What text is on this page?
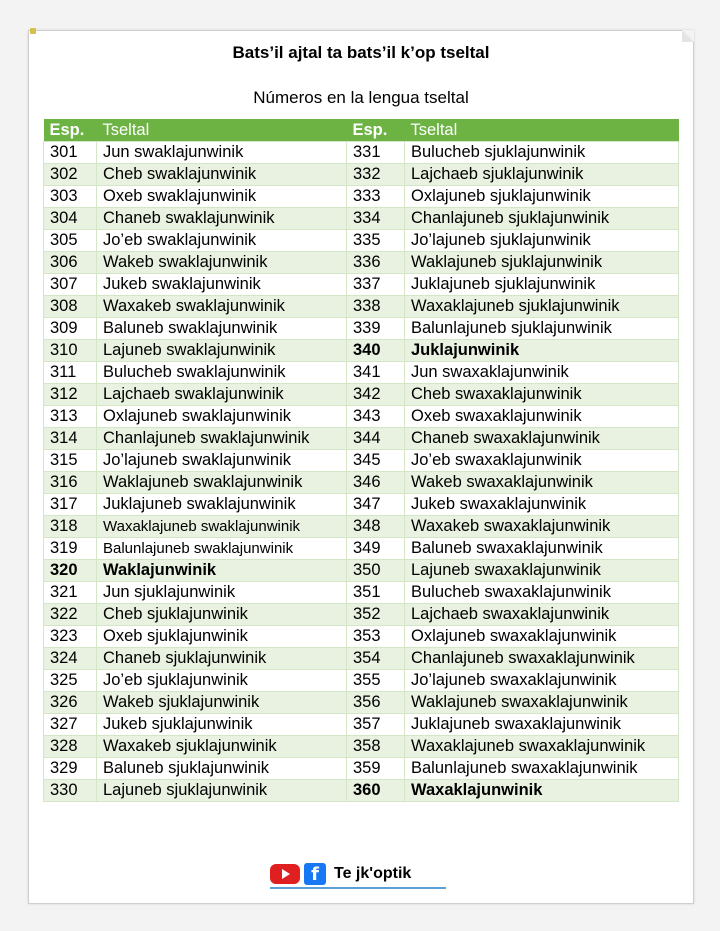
Bats’il ajtal ta bats’il k’op tseltal
Números en la lengua tseltal
Esp.	Tseltal	Esp.	Tseltal
301	Jun swaklajunwinik	331	Bulucheb sjuklajunwinik
302	Cheb swaklajunwinik	332	Lajchaeb sjuklajunwinik
303	Oxeb swaklajunwinik	333	Oxlajuneb sjuklajunwinik
304	Chaneb swaklajunwinik	334	Chanlajuneb sjuklajunwinik
305	Jo’eb swaklajunwinik	335	Jo’lajuneb sjuklajunwinik
306	Wakeb swaklajunwinik	336	Waklajuneb sjuklajunwinik
307	Jukeb swaklajunwinik	337	Juklajuneb sjuklajunwinik
308	Waxakeb swaklajunwinik	338	Waxaklajuneb sjuklajunwinik
309	Baluneb swaklajunwinik	339	Balunlajuneb sjuklajunwinik
310	Lajuneb swaklajunwinik	340	Juklajunwinik
311	Bulucheb swaklajunwinik	341	Jun swaxaklajunwinik
312	Lajchaeb swaklajunwinik	342	Cheb swaxaklajunwinik
313	Oxlajuneb swaklajunwinik	343	Oxeb swaxaklajunwinik
314	Chanlajuneb swaklajunwinik	344	Chaneb swaxaklajunwinik
315	Jo’lajuneb swaklajunwinik	345	Jo’eb swaxaklajunwinik
316	Waklajuneb swaklajunwinik	346	Wakeb swaxaklajunwinik
317	Juklajuneb swaklajunwinik	347	Jukeb swaxaklajunwinik
318	Waxaklajuneb swaklajunwinik	348	Waxakeb swaxaklajunwinik
319	Balunlajuneb swaklajunwinik	349	Baluneb swaxaklajunwinik
320	Waklajunwinik	350	Lajuneb swaxaklajunwinik
321	Jun sjuklajunwinik	351	Bulucheb swaxaklajunwinik
322	Cheb sjuklajunwinik	352	Lajchaeb swaxaklajunwinik
323	Oxeb sjuklajunwinik	353	Oxlajuneb swaxaklajunwinik
324	Chaneb sjuklajunwinik	354	Chanlajuneb swaxaklajunwinik
325	Jo’eb sjuklajunwinik	355	Jo’lajuneb swaxaklajunwinik
326	Wakeb sjuklajunwinik	356	Waklajuneb swaxaklajunwinik
327	Jukeb sjuklajunwinik	357	Juklajuneb swaxaklajunwinik
328	Waxakeb sjuklajunwinik	358	Waxaklajuneb swaxaklajunwinik
329	Baluneb sjuklajunwinik	359	Balunlajuneb swaxaklajunwinik
330	Lajuneb sjuklajunwinik	360	Waxaklajunwinik
f Te jk'optik
